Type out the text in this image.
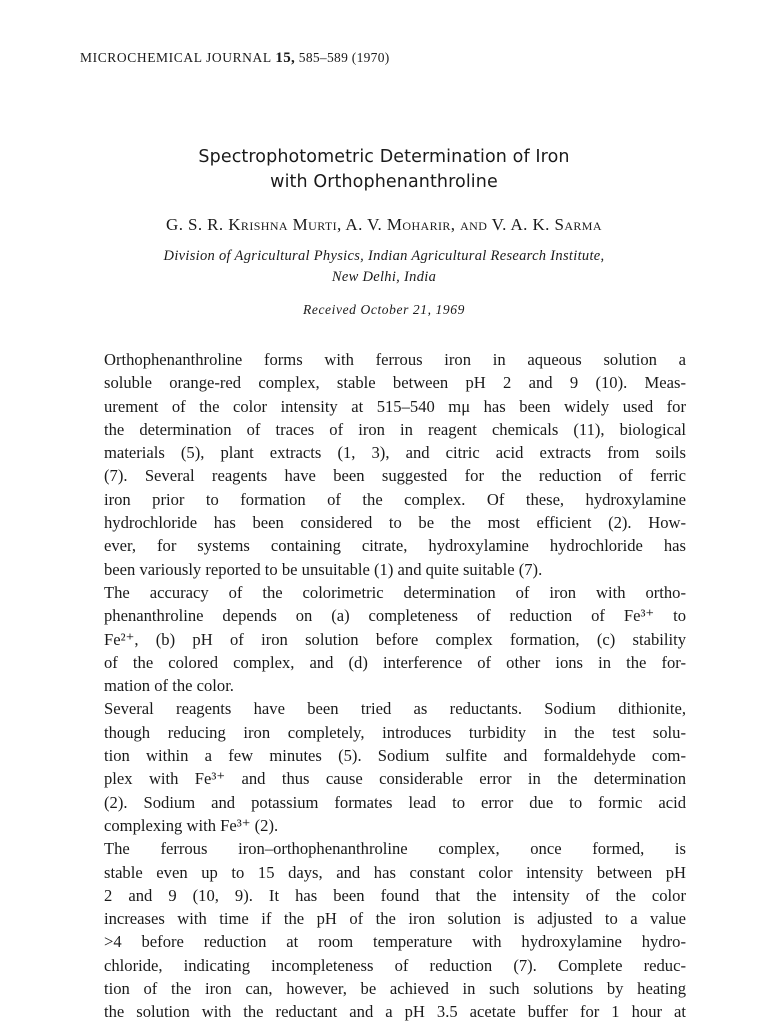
MICROCHEMICAL JOURNAL 15, 585–589 (1970)
Spectrophotometric Determination of Iron
with Orthophenanthroline
G. S. R. Krishna Murti, A. V. Moharir, and V. A. K. Sarma
Division of Agricultural Physics, Indian Agricultural Research Institute,
New Delhi, India
Received October 21, 1969
Orthophenanthroline forms with ferrous iron in aqueous solution a
soluble orange-red complex, stable between pH 2 and 9 (10). Meas-
urement of the color intensity at 515–540 mμ has been widely used for
the determination of traces of iron in reagent chemicals (11), biological
materials (5), plant extracts (1, 3), and citric acid extracts from soils
(7). Several reagents have been suggested for the reduction of ferric
iron prior to formation of the complex. Of these, hydroxylamine
hydrochloride has been considered to be the most efficient (2). How-
ever, for systems containing citrate, hydroxylamine hydrochloride has
been variously reported to be unsuitable (1) and quite suitable (7).
The accuracy of the colorimetric determination of iron with ortho-
phenanthroline depends on (a) completeness of reduction of Fe³⁺ to
Fe²⁺, (b) pH of iron solution before complex formation, (c) stability
of the colored complex, and (d) interference of other ions in the for-
mation of the color.
Several reagents have been tried as reductants. Sodium dithionite,
though reducing iron completely, introduces turbidity in the test solu-
tion within a few minutes (5). Sodium sulfite and formaldehyde com-
plex with Fe³⁺ and thus cause considerable error in the determination
(2). Sodium and potassium formates lead to error due to formic acid
complexing with Fe³⁺ (2).
The ferrous iron–orthophenanthroline complex, once formed, is
stable even up to 15 days, and has constant color intensity between pH
2 and 9 (10, 9). It has been found that the intensity of the color
increases with time if the pH of the iron solution is adjusted to a value
>4 before reduction at room temperature with hydroxylamine hydro-
chloride, indicating incompleteness of reduction (7). Complete reduc-
tion of the iron can, however, be achieved in such solutions by heating
the solution with the reductant and a pH 3.5 acetate buffer for 1 hour at
